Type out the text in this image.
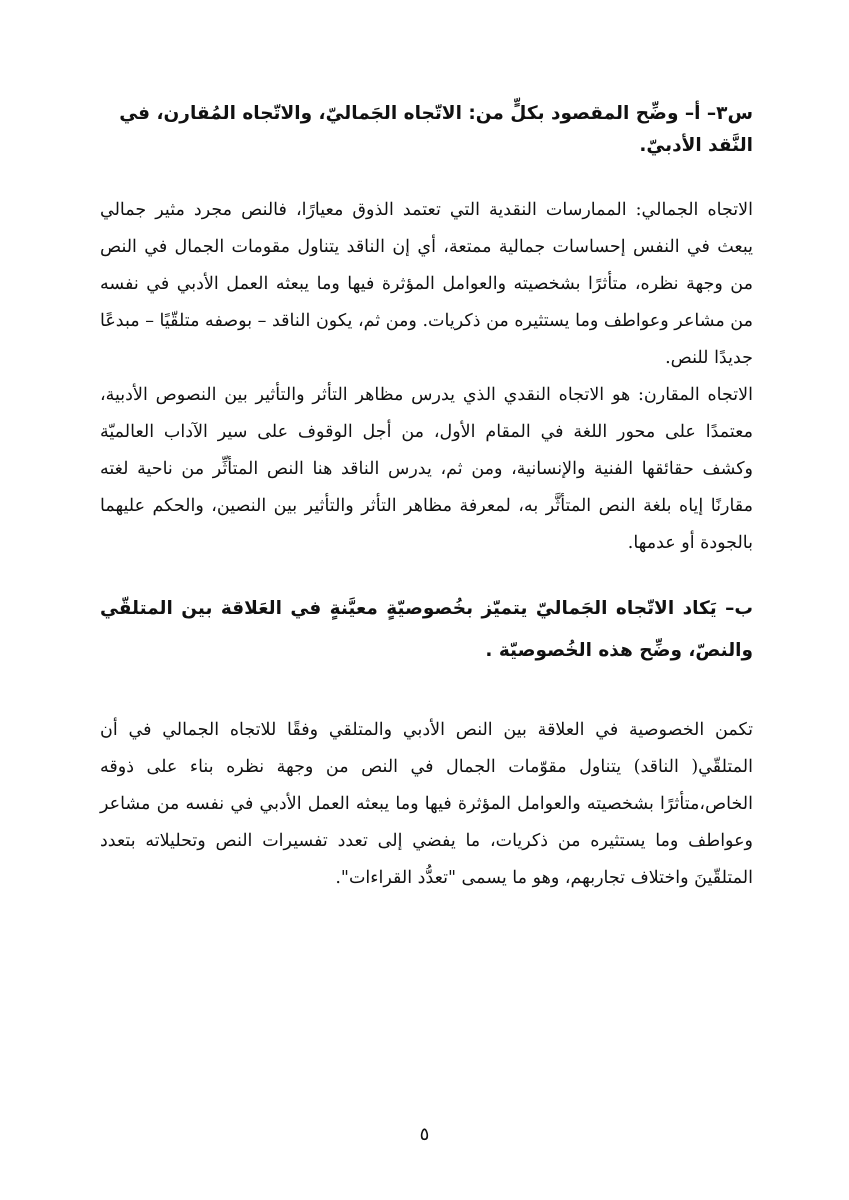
س٣– أ– وضِّح المقصود بكلٍّ من: الاتّجاه الجَماليّ، والاتّجاه المُقارن، في النَّقد الأدبيّ.

الاتجاه الجمالي: الممارسات النقدية التي تعتمد الذوق معيارًا، فالنص مجرد مثير جمالي يبعث في النفس إحساسات جمالية ممتعة، أي إن الناقد يتناول مقومات الجمال في النص من وجهة نظره، متأثرًا بشخصيته والعوامل المؤثرة فيها وما يبعثه العمل الأدبي في نفسه من مشاعر وعواطف وما يستثيره من ذكريات. ومن ثم، يكون الناقد – بوصفه متلقّيًا – مبدعًا جديدًا للنص.

الاتجاه المقارن: هو الاتجاه النقدي الذي يدرس مظاهر التأثر والتأثير بين النصوص الأدبية، معتمدًا على محور اللغة في المقام الأول، من أجل الوقوف على سير الآداب العالميّة وكشف حقائقها الفنية والإنسانية، ومن ثم، يدرس الناقد هنا النص المتأثِّر من ناحية لغته مقارنًا إياه بلغة النص المتأثَّر به، لمعرفة مظاهر التأثر والتأثير بين النصين، والحكم عليهما بالجودة أو عدمها.

ب– يَكاد الاتّجاه الجَماليّ يتميّز بخُصوصيّةٍ معيَّنةٍ في العَلاقة بين المتلقّي والنصّ، وضِّح هذه الخُصوصيّة .

تكمن الخصوصية في العلاقة بين النص الأدبي والمتلقي وفقًا للاتجاه الجمالي في أن المتلقّي( الناقد) يتناول مقوّمات الجمال في النص من وجهة نظره بناء على ذوقه الخاص،متأثرًا بشخصيته والعوامل المؤثرة فيها وما يبعثه العمل الأدبي في نفسه من مشاعر وعواطف وما يستثيره من ذكريات، ما يفضي إلى تعدد تفسيرات النص وتحليلاته بتعدد المتلقّينَ واختلاف تجاربهم، وهو ما يسمى "تعدُّد القراءات".

٥
